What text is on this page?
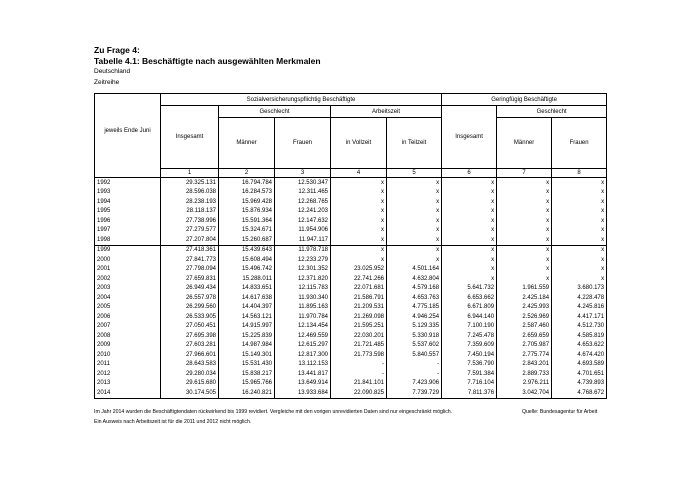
Zu Frage 4:
Tabelle 4.1: Beschäftigte nach ausgewählten Merkmalen
Deutschland
Zeitreihe
jeweils Ende Juni	Sozialversicherungspflichtig Beschäftigte					Geringfügig Beschäftigte		
	Insgesamt	Geschlecht		Arbeitszeit		Insgesamt	Geschlecht	
		Männer	Frauen	in Vollzeit	in Teilzeit		Männer	Frauen
	1	2	3	4	5	6	7	8
1992	29.325.131	16.794.784	12.530.347	x	x	x	x	x
1993	28.596.038	16.284.573	12.311.465	x	x	x	x	x
1994	28.238.193	15.969.428	12.268.765	x	x	x	x	x
1995	28.118.137	15.876.934	12.241.203	x	x	x	x	x
1996	27.738.996	15.591.364	12.147.632	x	x	x	x	x
1997	27.279.577	15.324.671	11.954.906	x	x	x	x	x
1998	27.207.804	15.260.687	11.947.117	x	x	x	x	x
1999	27.418.361	15.439.643	11.978.718	x	x	x	x	x
2000	27.841.773	15.608.494	12.233.279	x	x	x	x	x
2001	27.798.094	15.496.742	12.301.352	23.025.952	4.501.164	x	x	x
2002	27.659.831	15.288.011	12.371.820	22.741.266	4.632.804	x	x	x
2003	26.949.434	14.833.651	12.115.783	22.071.681	4.579.168	5.641.732	1.961.559	3.680.173
2004	26.557.978	14.617.638	11.930.340	21.586.791	4.653.763	6.653.662	2.425.184	4.228.478
2005	26.299.560	14.404.397	11.895.163	21.209.531	4.775.185	6.671.809	2.425.993	4.245.816
2006	26.533.905	14.563.121	11.970.784	21.269.098	4.946.254	6.944.140	2.526.969	4.417.171
2007	27.050.451	14.915.997	12.134.454	21.595.251	5.129.335	7.100.190	2.587.460	4.512.730
2008	27.695.398	15.225.839	12.469.559	22.030.201	5.330.918	7.245.478	2.659.659	4.585.819
2009	27.603.281	14.987.984	12.615.297	21.721.485	5.537.602	7.359.609	2.705.987	4.653.622
2010	27.966.601	15.149.301	12.817.300	21.773.598	5.840.557	7.450.194	2.775.774	4.674.420
2011	28.643.583	15.531.430	13.112.153	-	-	7.536.790	2.843.201	4.693.589
2012	29.280.034	15.838.217	13.441.817	-	-	7.591.384	2.889.733	4.701.651
2013	29.615.680	15.965.766	13.649.914	21.841.101	7.423.906	7.716.104	2.976.211	4.739.893
2014	30.174.505	16.240.821	13.933.684	22.090.825	7.739.729	7.811.376	3.042.704	4.768.672
Im Jahr 2014 wurden die Beschäftigtendaten rückwirkend bis 1999 revidiert. Vergleiche mit den vorigen unrevidierten Daten sind nur eingeschränkt möglich.
Ein Ausweis nach Arbeitszeit ist für die 2011 und 2012 nicht möglich.
Quelle: Bundesagentur für Arbeit
